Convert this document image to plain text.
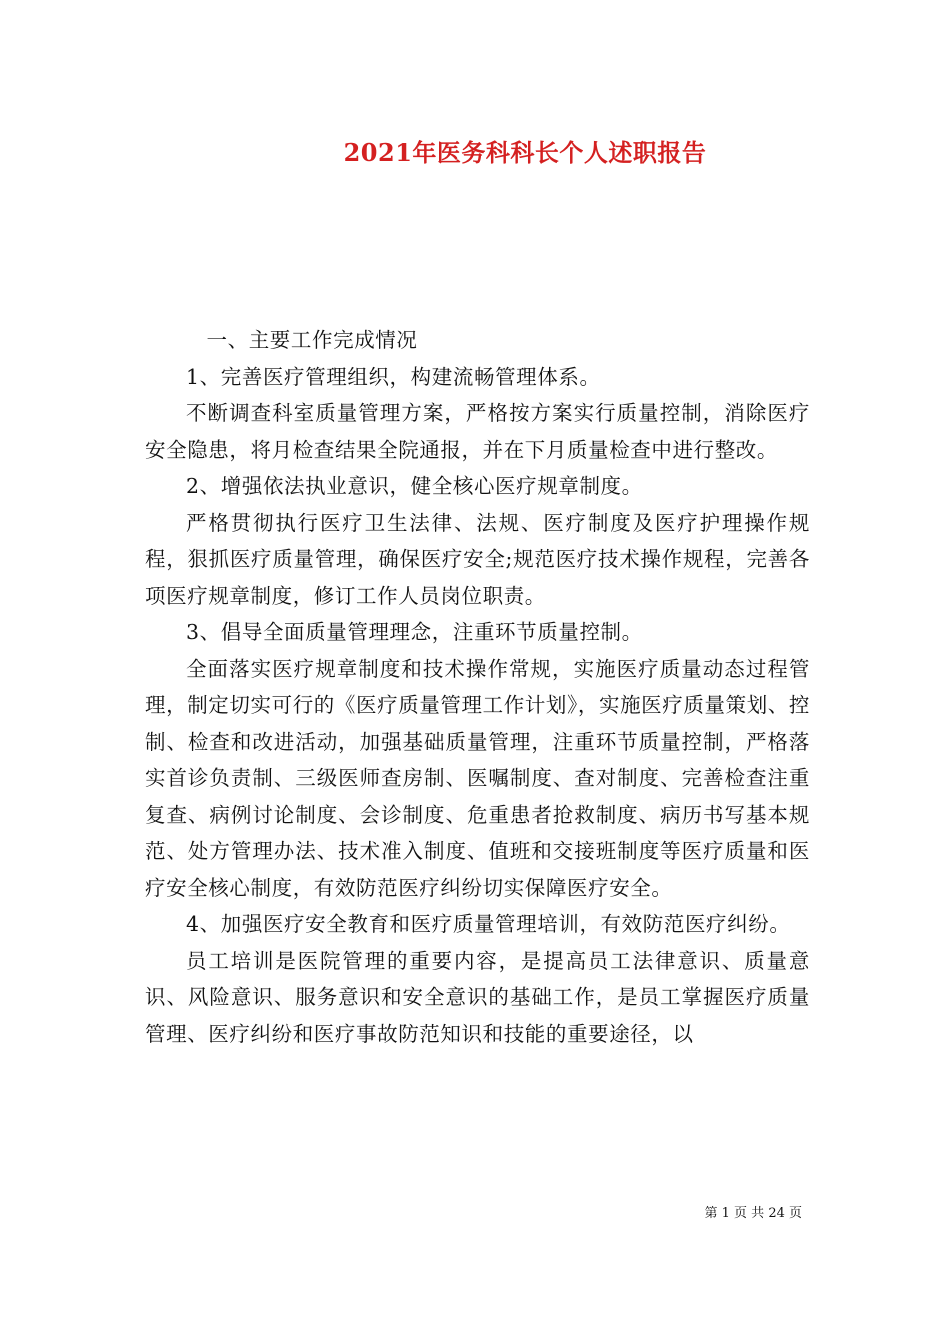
2021年医务科科长个人述职报告

一、主要工作完成情况

1、完善医疗管理组织，构建流畅管理体系。

不断调查科室质量管理方案，严格按方案实行质量控制，消除医疗安全隐患，将月检查结果全院通报，并在下月质量检查中进行整改。

2、增强依法执业意识，健全核心医疗规章制度。

严格贯彻执行医疗卫生法律、法规、医疗制度及医疗护理操作规程，狠抓医疗质量管理，确保医疗安全;规范医疗技术操作规程，完善各项医疗规章制度，修订工作人员岗位职责。

3、倡导全面质量管理理念，注重环节质量控制。

全面落实医疗规章制度和技术操作常规，实施医疗质量动态过程管理，制定切实可行的《医疗质量管理工作计划》，实施医疗质量策划、控制、检查和改进活动，加强基础质量管理，注重环节质量控制，严格落实首诊负责制、三级医师查房制、医嘱制度、查对制度、完善检查注重复查、病例讨论制度、会诊制度、危重患者抢救制度、病历书写基本规范、处方管理办法、技术准入制度、值班和交接班制度等医疗质量和医疗安全核心制度，有效防范医疗纠纷切实保障医疗安全。

4、加强医疗安全教育和医疗质量管理培训，有效防范医疗纠纷。

员工培训是医院管理的重要内容，是提高员工法律意识、质量意识、风险意识、服务意识和安全意识的基础工作，是员工掌握医疗质量管理、医疗纠纷和医疗事故防范知识和技能的重要途径，以

第 1 页 共 24 页
